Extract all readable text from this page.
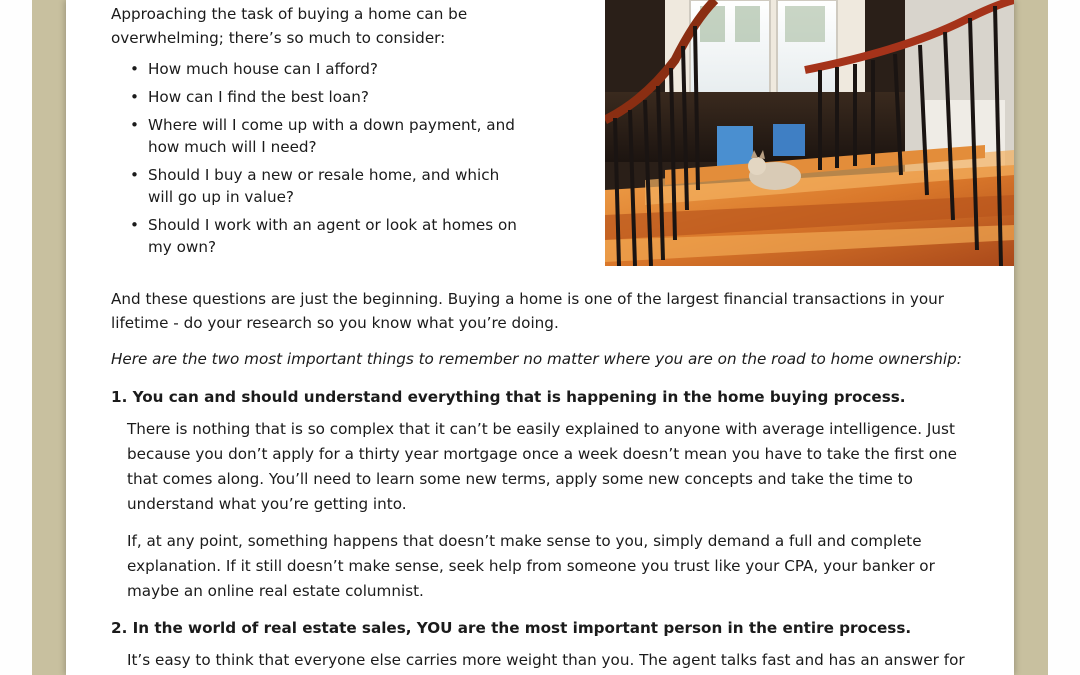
Approaching the task of buying a home can be overwhelming; there’s so much to consider:

• How much house can I afford?
• How can I find the best loan?
• Where will I come up with a down payment, and how much will I need?
• Should I buy a new or resale home, and which will go up in value?
• Should I work with an agent or look at homes on my own?

And these questions are just the beginning. Buying a home is one of the largest financial transactions in your lifetime - do your research so you know what you’re doing.

Here are the two most important things to remember no matter where you are on the road to home ownership:

1. You can and should understand everything that is happening in the home buying process.

There is nothing that is so complex that it can’t be easily explained to anyone with average intelligence. Just because you don’t apply for a thirty year mortgage once a week doesn’t mean you have to take the first one that comes along. You’ll need to learn some new terms, apply some new concepts and take the time to understand what you’re getting into.

If, at any point, something happens that doesn’t make sense to you, simply demand a full and complete explanation. If it still doesn’t make sense, seek help from someone you trust like your CPA, your banker or maybe an online real estate columnist.

2. In the world of real estate sales, YOU are the most important person in the entire process.

It’s easy to think that everyone else carries more weight than you. The agent talks fast and has an answer for
